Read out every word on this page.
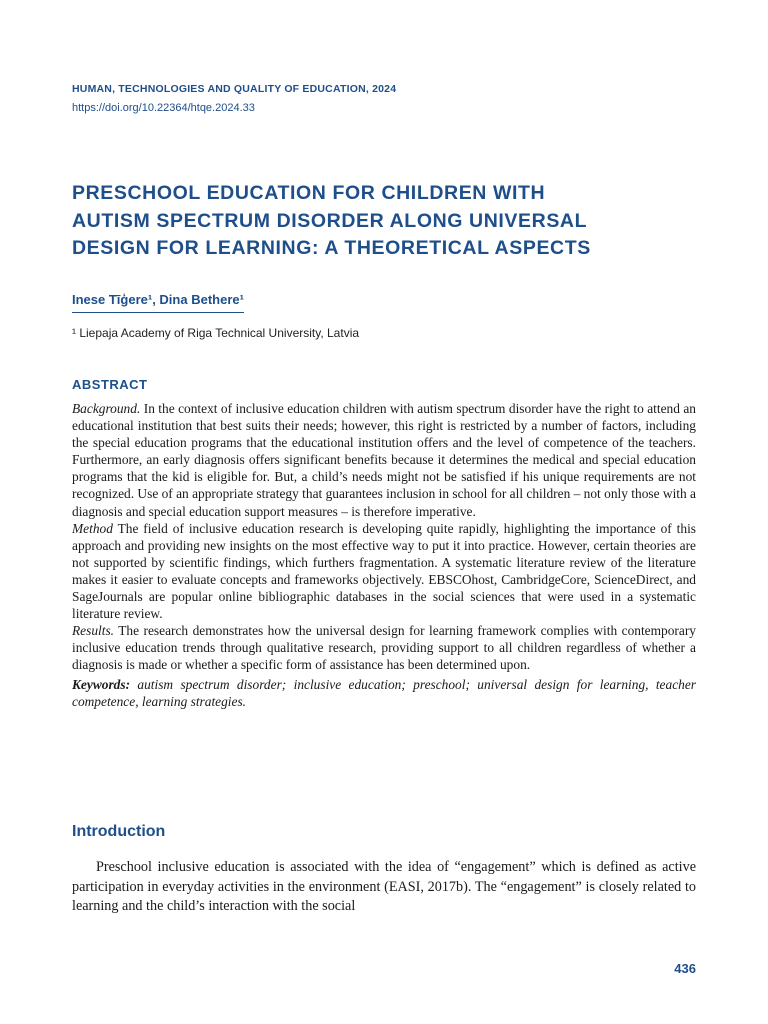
HUMAN, TECHNOLOGIES AND QUALITY OF EDUCATION, 2024
https://doi.org/10.22364/htqe.2024.33
PRESCHOOL EDUCATION FOR CHILDREN WITH
AUTISM SPECTRUM DISORDER ALONG UNIVERSAL
DESIGN FOR LEARNING: A THEORETICAL ASPECTS
Inese Tīģere¹, Dina Bethere¹
¹ Liepaja Academy of Riga Technical University, Latvia
ABSTRACT

Background. In the context of inclusive education children with autism spectrum disorder have the right to attend an educational institution that best suits their needs; however, this right is restricted by a number of factors, including the special education programs that the educational institution offers and the level of competence of the teachers. Furthermore, an early diagnosis offers significant benefits because it determines the medical and special education programs that the kid is eligible for. But, a child’s needs might not be satisfied if his unique requirements are not recognized. Use of an appropriate strategy that guarantees inclusion in school for all children – not only those with a diagnosis and special education support measures – is therefore imperative.

Method The field of inclusive education research is developing quite rapidly, highlighting the importance of this approach and providing new insights on the most effective way to put it into practice. However, certain theories are not supported by scientific findings, which furthers fragmentation. A systematic literature review of the literature makes it easier to evaluate concepts and frameworks objectively. EBSCOhost, CambridgeCore, ScienceDirect, and SageJournals are popular online bibliographic databases in the social sciences that were used in a systematic literature review.

Results. The research demonstrates how the universal design for learning framework complies with contemporary inclusive education trends through qualitative research, providing support to all children regardless of whether a diagnosis is made or whether a specific form of assistance has been determined upon.

Keywords: autism spectrum disorder; inclusive education; preschool; universal design for learning, teacher competence, learning strategies.

Introduction

Preschool inclusive education is associated with the idea of “engagement” which is defined as active participation in everyday activities in the environment (EASI, 2017b). The “engagement” is closely related to learning and the child’s interaction with the social

436
